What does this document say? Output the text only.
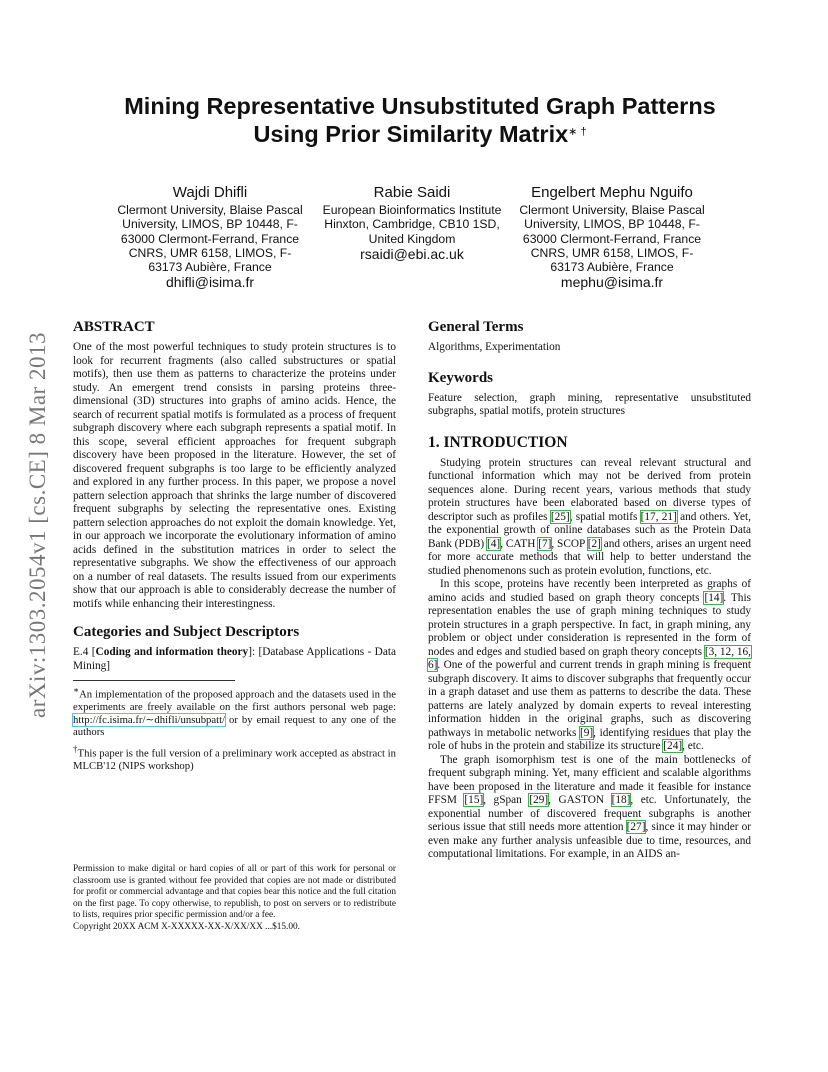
arXiv:1303.2054v1 [cs.CE] 8 Mar 2013
Mining Representative Unsubstituted Graph Patterns
Using Prior Similarity Matrix∗ †
Wajdi Dhifli
Clermont University, Blaise Pascal University, LIMOS, BP 10448, F-63000 Clermont-Ferrand, France CNRS, UMR 6158, LIMOS, F-63173 Aubière, France
dhifli@isima.fr
Rabie Saidi
European Bioinformatics Institute Hinxton, Cambridge, CB10 1SD, United Kingdom
rsaidi@ebi.ac.uk
Engelbert Mephu Nguifo
Clermont University, Blaise Pascal University, LIMOS, BP 10448, F-63000 Clermont-Ferrand, France CNRS, UMR 6158, LIMOS, F-63173 Aubière, France
mephu@isima.fr
ABSTRACT

One of the most powerful techniques to study protein structures is to look for recurrent fragments (also called substructures or spatial motifs), then use them as patterns to characterize the proteins under study. An emergent trend consists in parsing proteins three-dimensional (3D) structures into graphs of amino acids. Hence, the search of recurrent spatial motifs is formulated as a process of frequent subgraph discovery where each subgraph represents a spatial motif. In this scope, several efficient approaches for frequent subgraph discovery have been proposed in the literature. However, the set of discovered frequent subgraphs is too large to be efficiently analyzed and explored in any further process. In this paper, we propose a novel pattern selection approach that shrinks the large number of discovered frequent subgraphs by selecting the representative ones. Existing pattern selection approaches do not exploit the domain knowledge. Yet, in our approach we incorporate the evolutionary information of amino acids defined in the substitution matrices in order to select the representative subgraphs. We show the effectiveness of our approach on a number of real datasets. The results issued from our experiments show that our approach is able to considerably decrease the number of motifs while enhancing their interestingness.

Categories and Subject Descriptors

E.4 [Coding and information theory]: [Database Applications - Data Mining]

∗An implementation of the proposed approach and the datasets used in the experiments are freely available on the first authors personal web page: http://fc.isima.fr/∼dhifli/unsubpatt/ or by email request to any one of the authors

†This paper is the full version of a preliminary work accepted as abstract in MLCB'12 (NIPS workshop)

Permission to make digital or hard copies of all or part of this work for personal or classroom use is granted without fee provided that copies are not made or distributed for profit or commercial advantage and that copies bear this notice and the full citation on the first page. To copy otherwise, to republish, to post on servers or to redistribute to lists, requires prior specific permission and/or a fee.

Copyright 20XX ACM X-XXXXX-XX-X/XX/XX ...$15.00.

General Terms

Algorithms, Experimentation

Keywords

Feature selection, graph mining, representative unsubstituted subgraphs, spatial motifs, protein structures

1. INTRODUCTION

Studying protein structures can reveal relevant structural and functional information which may not be derived from protein sequences alone. During recent years, various methods that study protein structures have been elaborated based on diverse types of descriptor such as profiles [25], spatial motifs [17, 21] and others. Yet, the exponential growth of online databases such as the Protein Data Bank (PDB) [4], CATH [7], SCOP [2] and others, arises an urgent need for more accurate methods that will help to better understand the studied phenomenons such as protein evolution, functions, etc.

In this scope, proteins have recently been interpreted as graphs of amino acids and studied based on graph theory concepts [14]. This representation enables the use of graph mining techniques to study protein structures in a graph perspective. In fact, in graph mining, any problem or object under consideration is represented in the form of nodes and edges and studied based on graph theory concepts [3, 12, 16, 6]. One of the powerful and current trends in graph mining is frequent subgraph discovery. It aims to discover subgraphs that frequently occur in a graph dataset and use them as patterns to describe the data. These patterns are lately analyzed by domain experts to reveal interesting information hidden in the original graphs, such as discovering pathways in metabolic networks [9], identifying residues that play the role of hubs in the protein and stabilize its structure [24], etc.

The graph isomorphism test is one of the main bottlenecks of frequent subgraph mining. Yet, many efficient and scalable algorithms have been proposed in the literature and made it feasible for instance FFSM [15], gSpan [29], GASTON [18], etc. Unfortunately, the exponential number of discovered frequent subgraphs is another serious issue that still needs more attention [27], since it may hinder or even make any further analysis unfeasible due to time, resources, and computational limitations. For example, in an AIDS an-
